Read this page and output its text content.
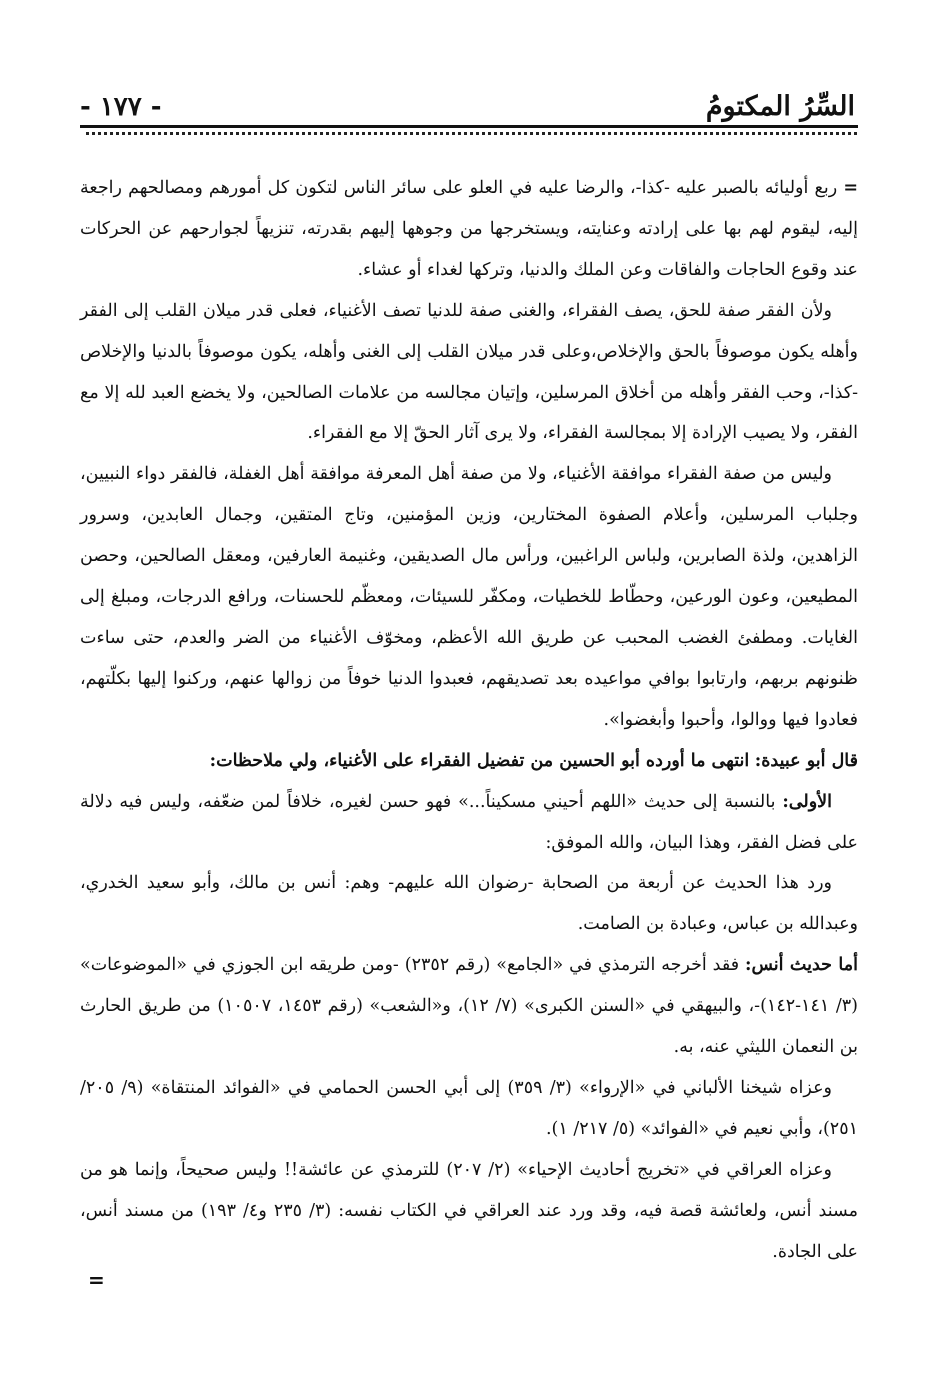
السِّرُ المكتومُ
- ١٧٧ -

= ربع أوليائه بالصبر عليه -كذا-، والرضا عليه في العلو على سائر الناس لتكون كل أمورهم ومصالحهم راجعة إليه، ليقوم لهم بها على إرادته وعنايته، ويستخرجها من وجوهها إليهم بقدرته، تنزيهاً لجوارحهم عن الحركات عند وقوع الحاجات والفاقات وعن الملك والدنيا، وتركها لغداء أو عشاء.

ولأن الفقر صفة للحق، يصف الفقراء، والغنى صفة للدنيا تصف الأغنياء، فعلى قدر ميلان القلب إلى الفقر وأهله يكون موصوفاً بالحق والإخلاص،وعلى قدر ميلان القلب إلى الغنى وأهله، يكون موصوفاً بالدنيا والإخلاص -كذا-، وحب الفقر وأهله من أخلاق المرسلين، وإتيان مجالسه من علامات الصالحين، ولا يخضع العبد لله إلا مع الفقر، ولا يصيب الإرادة إلا بمجالسة الفقراء، ولا يرى آثار الحقّ إلا مع الفقراء.

وليس من صفة الفقراء موافقة الأغنياء، ولا من صفة أهل المعرفة موافقة أهل الغفلة، فالفقر دواء النبيين، وجلباب المرسلين، وأعلام الصفوة المختارين، وزين المؤمنين، وتاج المتقين، وجمال العابدين، وسرور الزاهدين، ولذة الصابرين، ولباس الراغبين، ورأس مال الصديقين، وغنيمة العارفين، ومعقل الصالحين، وحصن المطيعين، وعون الورعين، وحطّاط للخطيات، ومكفّر للسيئات، ومعظّم للحسنات، ورافع الدرجات، ومبلغ إلى الغايات. ومطفئ الغضب المحبب عن طريق الله الأعظم، ومخوّف الأغنياء من الضر والعدم، حتى ساءت ظنونهم بربهم، وارتابوا بوافي مواعيده بعد تصديقهم، فعبدوا الدنيا خوفاً من زوالها عنهم، وركنوا إليها بكلّتهم، فعادوا فيها ووالوا، وأحبوا وأبغضوا».

قال أبو عبيدة: انتهى ما أورده أبو الحسين من تفضيل الفقراء على الأغنياء، ولي ملاحظات:

الأولى: بالنسبة إلى حديث «اللهم أحيني مسكيناً...» فهو حسن لغيره، خلافاً لمن ضعّفه، وليس فيه دلالة على فضل الفقر، وهذا البيان، والله الموفق:

ورد هذا الحديث عن أربعة من الصحابة -رضوان الله عليهم- وهم: أنس بن مالك، وأبو سعيد الخدري، وعبدالله بن عباس، وعبادة بن الصامت.

أما حديث أنس: فقد أخرجه الترمذي في «الجامع» (رقم ٢٣٥٢) -ومن طريقه ابن الجوزي في «الموضوعات» (٣/ ١٤١-١٤٢)-، والبيهقي في «السنن الكبرى» (٧/ ١٢)، و«الشعب» (رقم ١٤٥٣، ١٠٥٠٧) من طريق الحارث بن النعمان الليثي عنه، به.

وعزاه شيخنا الألباني في «الإرواء» (٣/ ٣٥٩) إلى أبي الحسن الحمامي في «الفوائد المنتقاة» (٩/ ٢٠٥/ ٢٥١)، وأبي نعيم في «الفوائد» (٥/ ٢١٧/ ١).

وعزاه العراقي في «تخريج أحاديث الإحياء» (٢/ ٢٠٧) للترمذي عن عائشة!! وليس صحيحاً، وإنما هو من مسند أنس، ولعائشة قصة فيه، وقد ورد عند العراقي في الكتاب نفسه: (٣/ ٢٣٥ و٤/ ١٩٣) من مسند أنس، على الجادة.

=
